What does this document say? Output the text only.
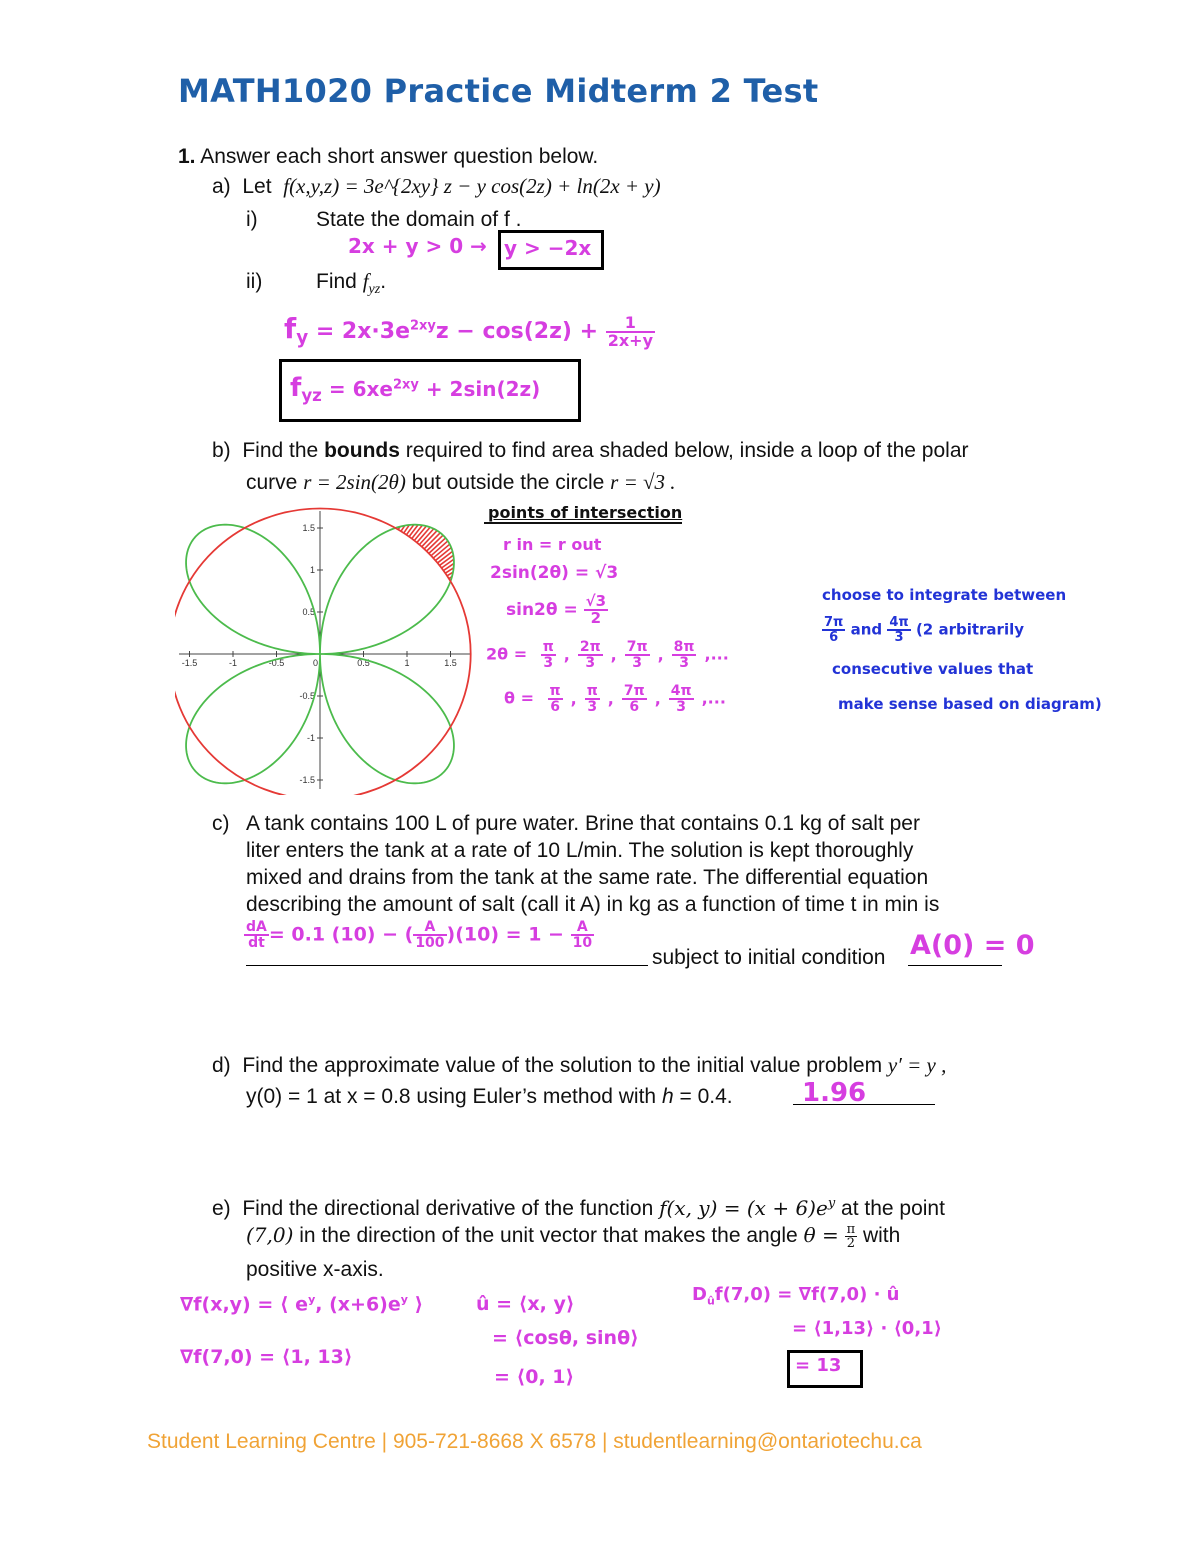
MATH1020 Practice Midterm 2 Test
1. Answer each short answer question below.
a) Let f(x,y,z) = 3e^{2xy} z − y cos(2z) + ln(2x + y)
i)	State the domain of f .
2x + y > 0 → y > −2x
ii)	Find $f_{yz}$.
$f_y = 2x\cdot 3e^{2xy}z - \cos(2z) + \frac{1}{2x+y}$
$f_{yz} = 6xe^{2xy} + 2\sin(2z)$
b) Find the bounds required to find area shaded below, inside a loop of the polar
curve r = 2sin(2θ) but outside the circle r = √3 .
-1.5	-1	-0.5	0	0.5	1	1.5
1.5
1
0.5
-0.5
-1
-1.5
points of intersection
r in = r out
2sin(2θ) = √3
$\sin 2\theta = \frac{√3}{2}$
$2\theta = \frac{\pi}{3}$ , $\frac{2\pi}{3}$ , $\frac{7\pi}{3}$ , $\frac{8\pi}{3}$ ,...
$\theta = \frac{\pi}{6}$ , $\frac{\pi}{3}$ , $\frac{7\pi}{6}$ , $\frac{4\pi}{3}$ ,...
choose to integrate between
$\frac{7\pi}{6}$ and $\frac{4\pi}{3} (2$ arbitrarily
consecutive values that
make sense based on diagram)
c) A tank contains 100 L of pure water. Brine that contains 0.1 kg of salt per
liter enters the tank at a rate of 10 L/min. The solution is kept thoroughly
mixed and drains from the tank at the same rate. The differential equation
describing the amount of salt (call it A) in kg as a function of time t in min is
$\frac{dA}{dt} = 0.1$ (10) − ( $\frac{A}{100} )(10) = 1 - \frac{A}{10}$
subject to initial condition A(0) = 0
d) Find the approximate value of the solution to the initial value problem y′ = y ,
y(0) = 1 at x = 0.8 using Euler’s method with h = 0.4.	1.96
e) Find the directional derivative of the function f(x, $y) = (x + 6)e^y$ at the point
(7,0) in the direction of the unit vector that makes the angle $\theta = \frac{\pi}{2}$ with
positive x-axis.
∇f(x,y) = ⟨ $e^y$, $(x+6)e^y$ ⟩
∇f(7,0) = ⟨1, 13⟩
û = ⟨x, y⟩
= ⟨cosθ, sinθ⟩
= ⟨0, 1⟩
$D_ûf(7,0) = \nabla f(7,0)$ · û
= ⟨1,13⟩ · ⟨0,1⟩
= 13
Student Learning Centre | 905-721-8668 X 6578 | studentlearning@ontariotechu.ca
